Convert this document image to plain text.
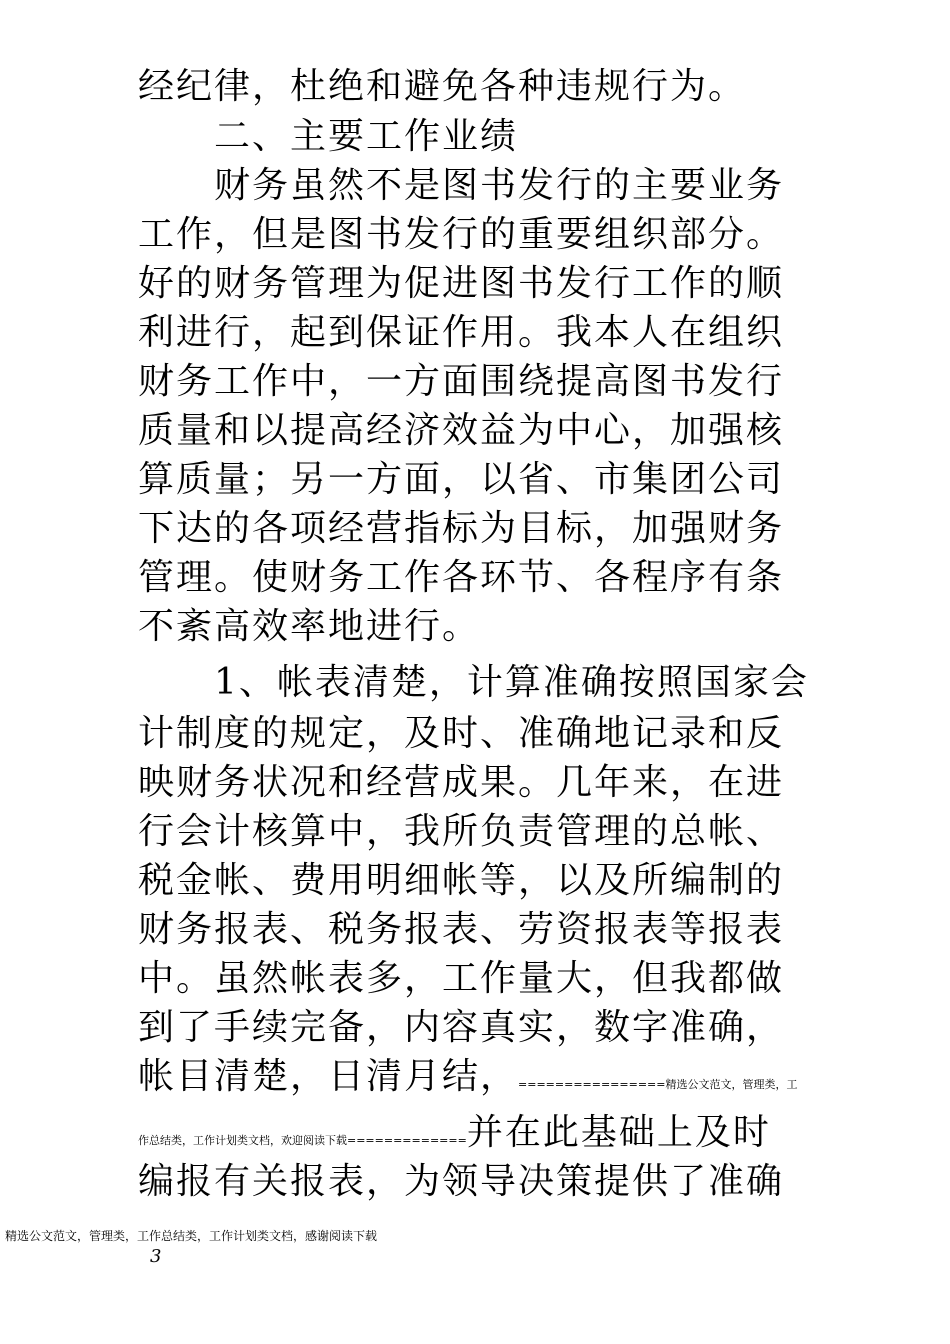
经纪律，杜绝和避免各种违规行为。
二、主要工作业绩
财务虽然不是图书发行的主要业务
工作，但是图书发行的重要组织部分。
好的财务管理为促进图书发行工作的顺
利进行，起到保证作用。我本人在组织
财务工作中，一方面围绕提高图书发行
质量和以提高经济效益为中心，加强核
算质量；另一方面，以省、市集团公司
下达的各项经营指标为目标，加强财务
管理。使财务工作各环节、各程序有条
不紊高效率地进行。
1、帐表清楚，计算准确按照国家会
计制度的规定，及时、准确地记录和反
映财务状况和经营成果。几年来，在进
行会计核算中，我所负责管理的总帐、
税金帐、费用明细帐等，以及所编制的
财务报表、税务报表、劳资报表等报表
中。虽然帐表多，工作量大，但我都做
到了手续完备，内容真实，数字准确，
帐目清楚，日清月结，================精选公文范文，管理类，工
作总结类，工作计划类文档，欢迎阅读下载=============并在此基础上及时
编报有关报表，为领导决策提供了准确
精选公文范文，管理类，工作总结类，工作计划类文档，感谢阅读下载
3
